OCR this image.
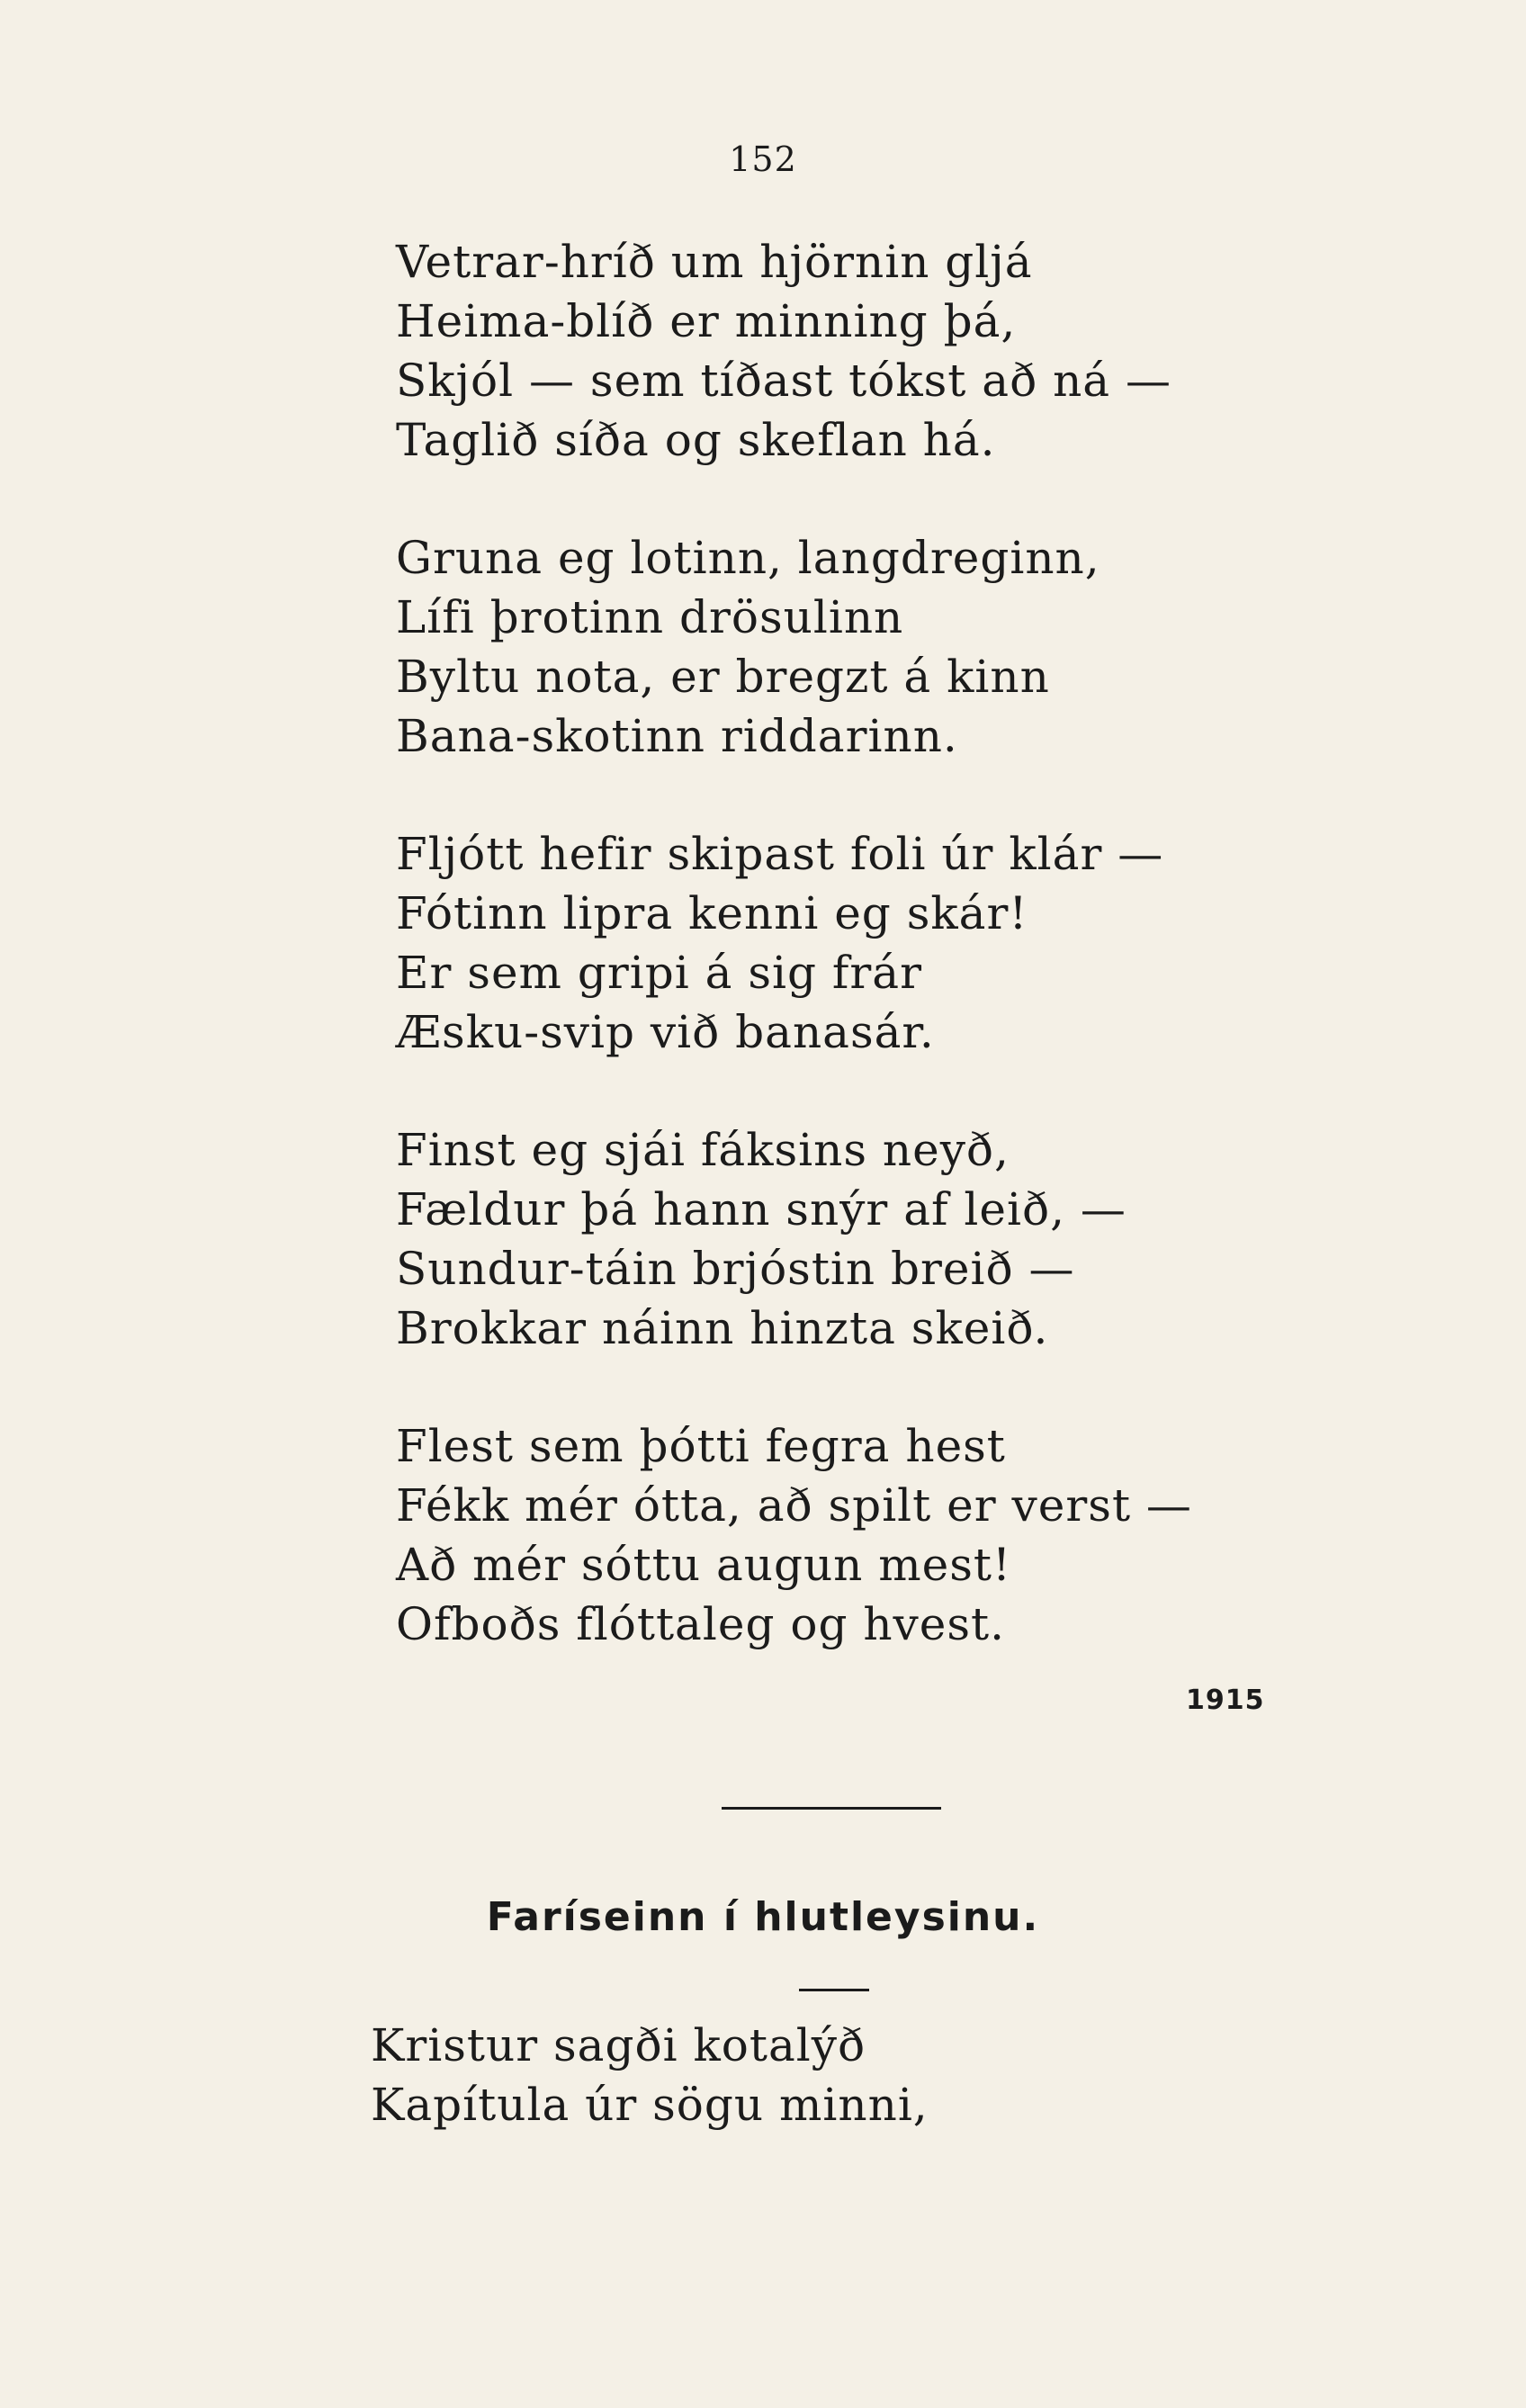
152
Vetrar-hríð um hjörnin gljá
Heima-blíð er minning þá,
Skjól — sem tíðast tókst að ná —
Taglið síða og skeflan há.
Gruna eg lotinn, langdreginn,
Lífi þrotinn drösulinn
Byltu nota, er bregzt á kinn
Bana-skotinn riddarinn.
Fljótt hefir skipast foli úr klár —
Fótinn lipra kenni eg skár!
Er sem gripi á sig frár
Æsku-svip við banasár.
Finst eg sjái fáksins neyð,
Fældur þá hann snýr af leið, —
Sundur-táin brjóstin breið —
Brokkar náinn hinzta skeið.
Flest sem þótti fegra hest
Fékk mér ótta, að spilt er verst —
Að mér sóttu augun mest!
Ofboðs flóttaleg og hvest.
1915
Faríseinn í hlutleysinu.
Kristur sagði kotalýð
Kapítula úr sögu minni,
